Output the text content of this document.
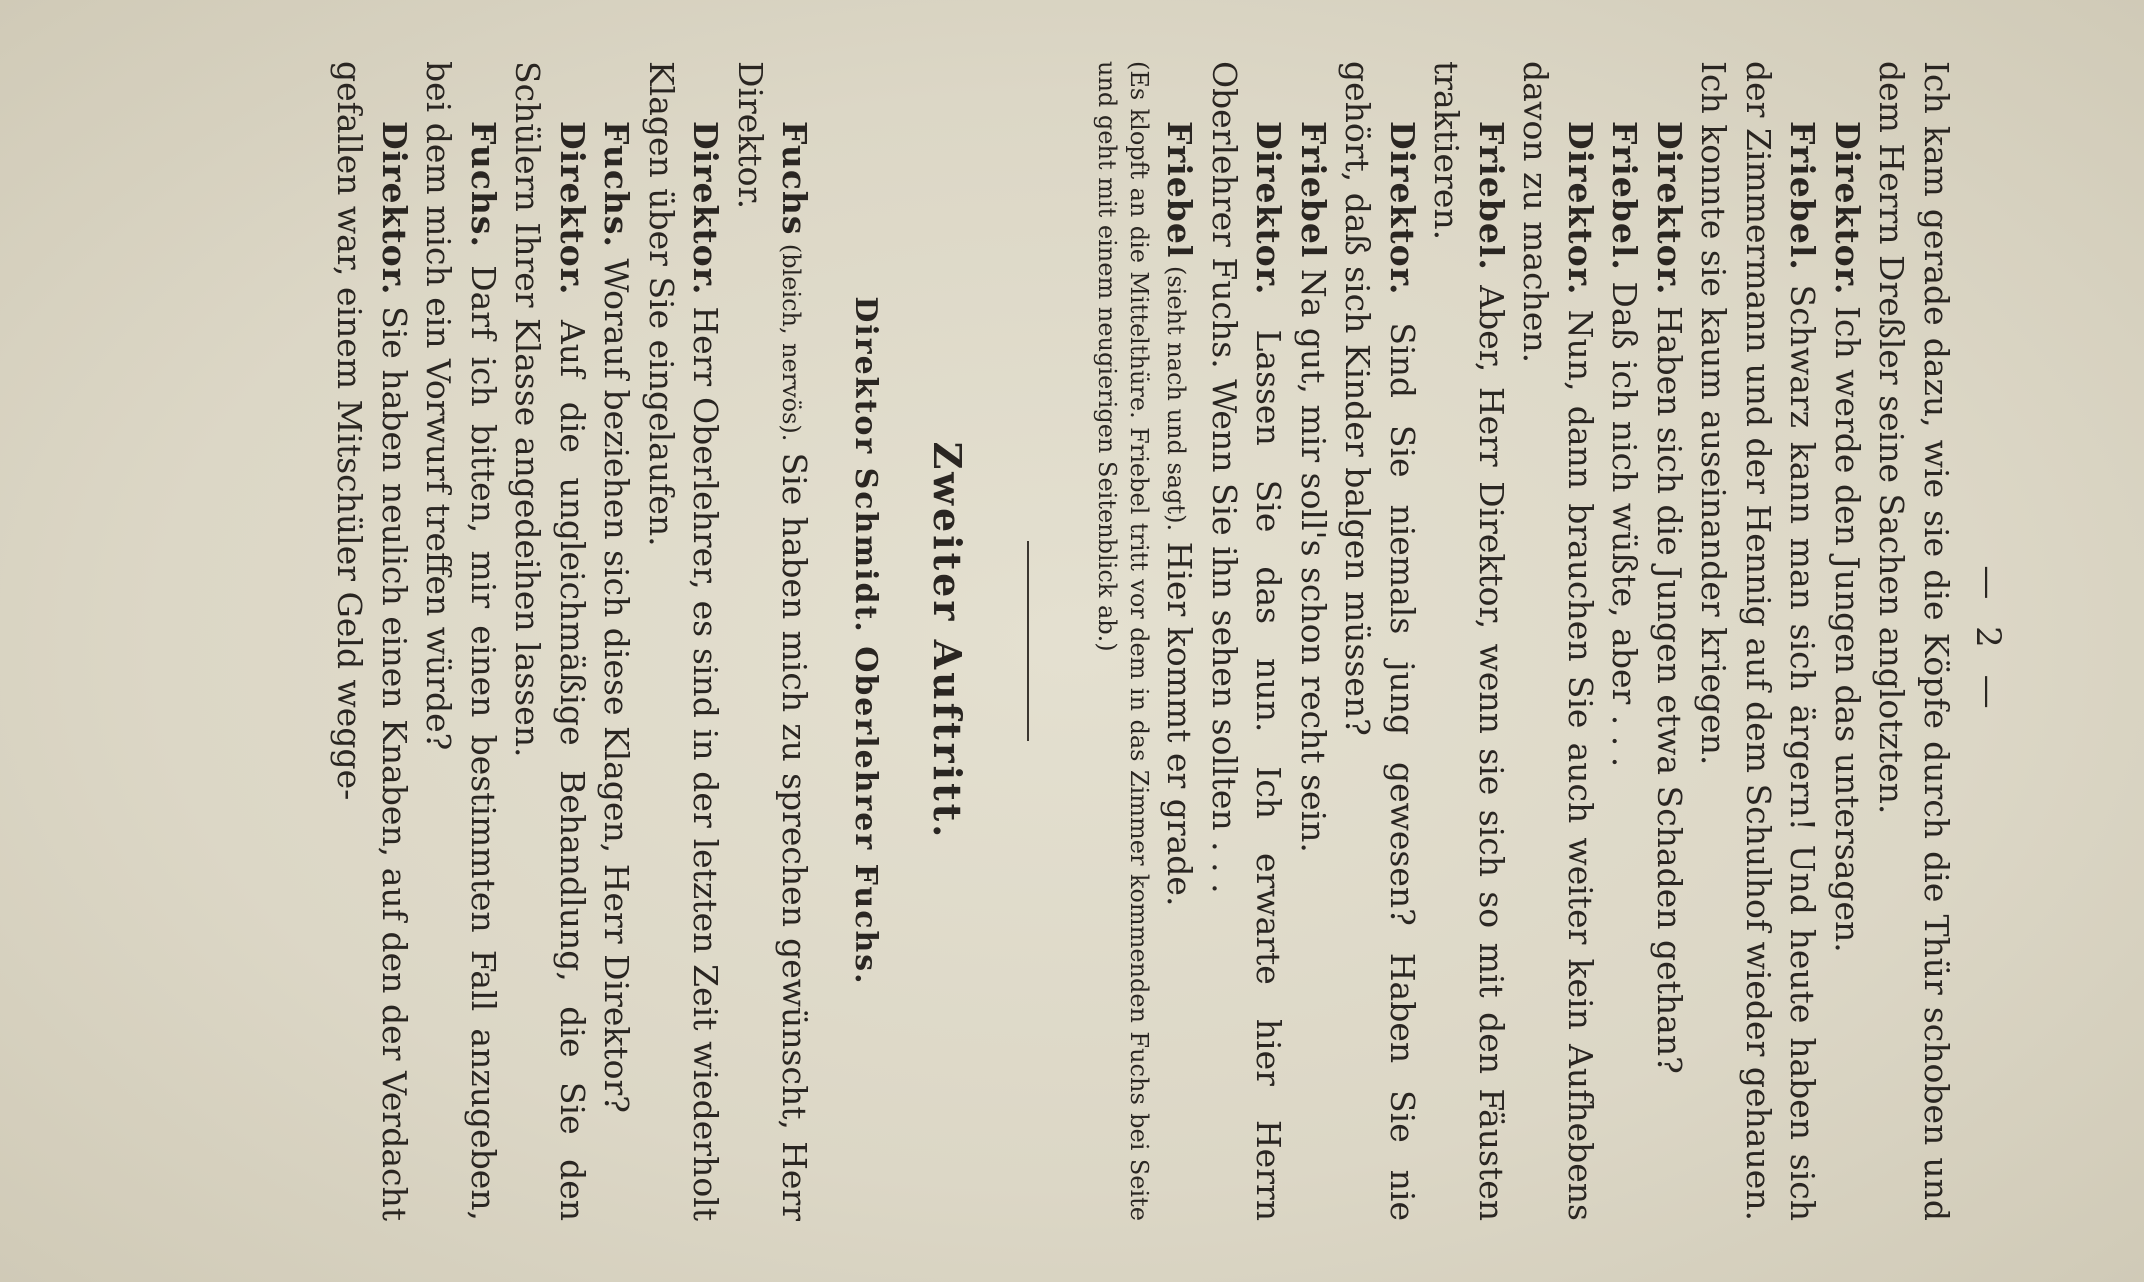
— 2 —

Ich kam gerade dazu, wie sie die Köpfe durch die Thür schoben und dem Herrn Dreßler seine Sachen anglotzten.

Direktor. Ich werde den Jungen das untersagen.

Friebel. Schwarz kann man sich ärgern! Und heute haben sich der Zimmermann und der Hennig auf dem Schulhof wieder gehauen. Ich konnte sie kaum auseinander kriegen.

Direktor. Haben sich die Jungen etwa Schaden gethan?

Friebel. Daß ich nich wüßte, aber . . .

Direktor. Nun, dann brauchen Sie auch weiter kein Aufhebens davon zu machen.

Friebel. Aber, Herr Direktor, wenn sie sich so mit den Fäusten traktieren.

Direktor. Sind Sie niemals jung gewesen? Haben Sie nie gehört, daß sich Kinder balgen müssen?

Friebel Na gut, mir soll's schon recht sein.

Direktor. Lassen Sie das nun. Ich erwarte hier Herrn Oberlehrer Fuchs. Wenn Sie ihn sehen sollten . . .

Friebel (sieht nach und sagt). Hier kommt er grade.

(Es klopft an die Mittelthüre. Friebel tritt vor dem in das Zimmer kommenden Fuchs bei Seite und geht mit einem neugierigen Seitenblick ab.)

Zweiter Auftritt.
Direktor Schmidt. Oberlehrer Fuchs.

Fuchs (bleich, nervös). Sie haben mich zu sprechen gewünscht, Herr Direktor.

Direktor. Herr Oberlehrer, es sind in der letzten Zeit wiederholt Klagen über Sie eingelaufen.

Fuchs. Worauf beziehen sich diese Klagen, Herr Direktor?

Direktor. Auf die ungleichmäßige Behandlung, die Sie den Schülern Ihrer Klasse angedeihen lassen.

Fuchs. Darf ich bitten, mir einen bestimmten Fall anzugeben, bei dem mich ein Vorwurf treffen würde?

Direktor. Sie haben neulich einen Knaben, auf den der Verdacht gefallen war, einem Mitschüler Geld wegge-
